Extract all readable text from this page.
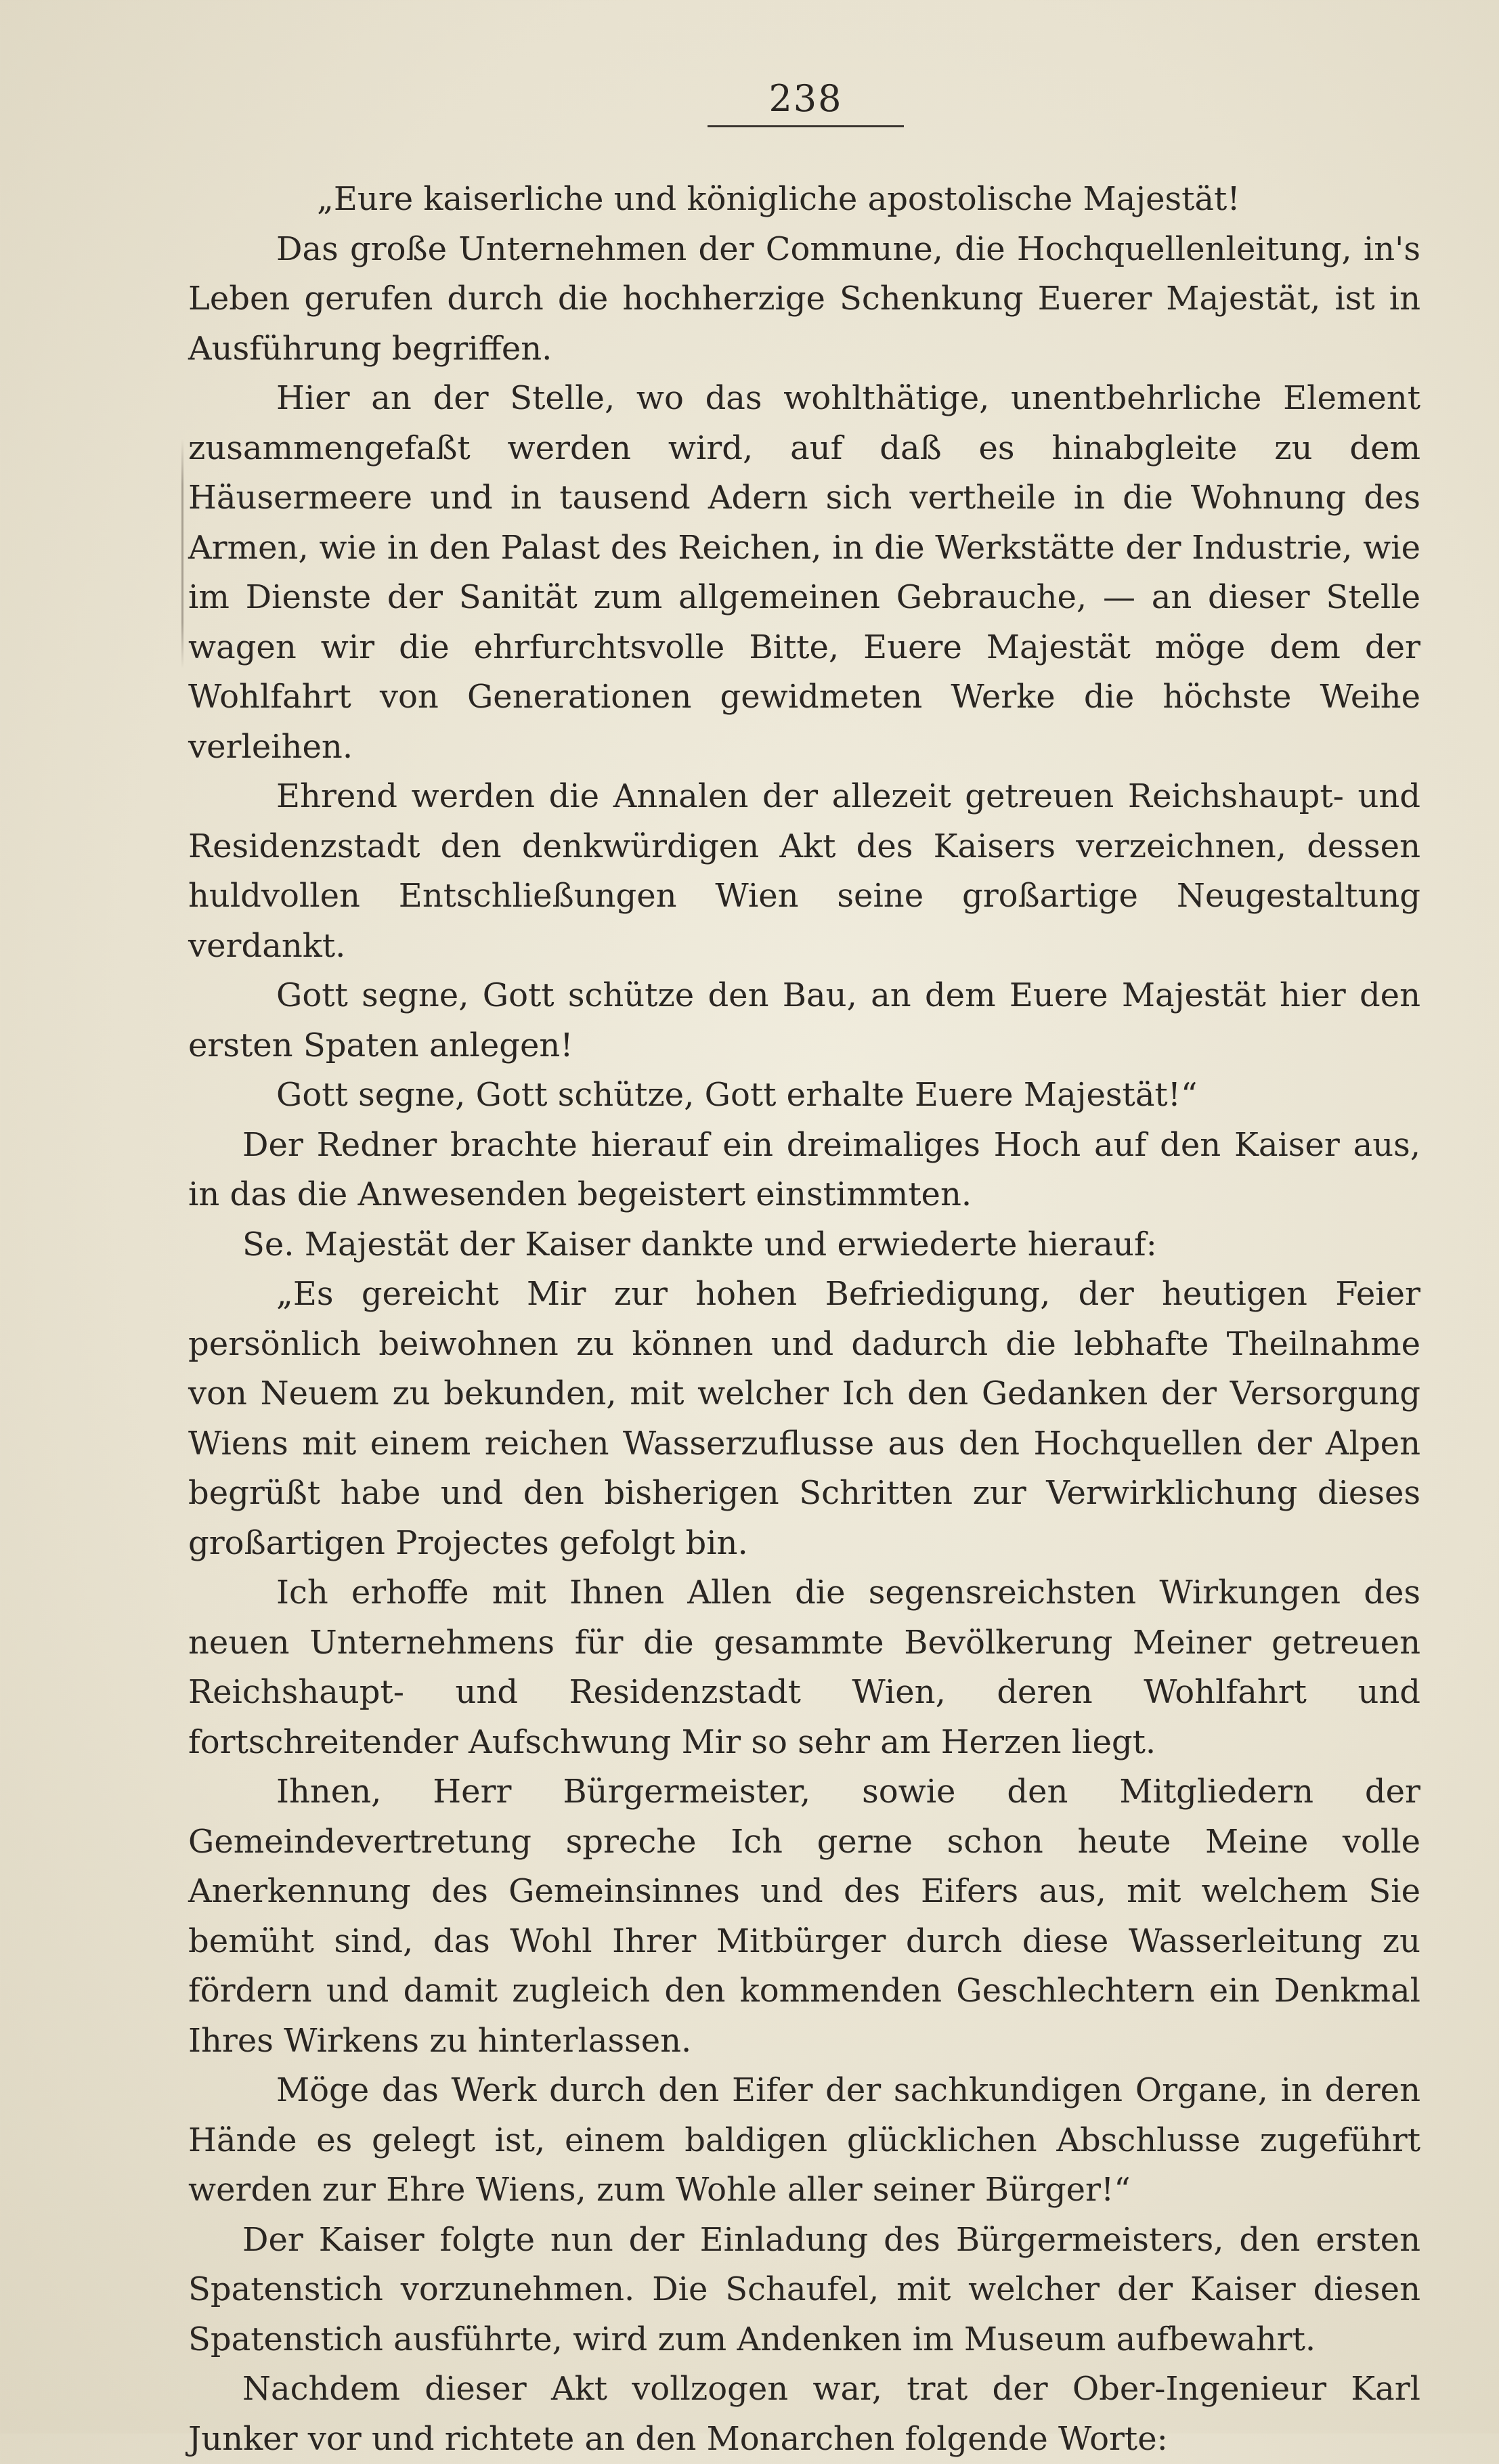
238

„Eure kaiserliche und königliche apostolische Majestät!

Das große Unternehmen der Commune, die Hochquellenleitung, in's Leben gerufen durch die hochherzige Schenkung Euerer Majestät, ist in Ausführung begriffen.

Hier an der Stelle, wo das wohlthätige, unentbehrliche Element zusammengefaßt werden wird, auf daß es hinabgleite zu dem Häusermeere und in tausend Adern sich vertheile in die Wohnung des Armen, wie in den Palast des Reichen, in die Werkstätte der Industrie, wie im Dienste der Sanität zum allgemeinen Gebrauche, — an dieser Stelle wagen wir die ehrfurchtsvolle Bitte, Euere Majestät möge dem der Wohlfahrt von Generationen gewidmeten Werke die höchste Weihe verleihen.

Ehrend werden die Annalen der allezeit getreuen Reichshaupt- und Residenzstadt den denkwürdigen Akt des Kaisers verzeichnen, dessen huldvollen Entschließungen Wien seine großartige Neugestaltung verdankt.

Gott segne, Gott schütze den Bau, an dem Euere Majestät hier den ersten Spaten anlegen!

Gott segne, Gott schütze, Gott erhalte Euere Majestät!“

Der Redner brachte hierauf ein dreimaliges Hoch auf den Kaiser aus, in das die Anwesenden begeistert einstimmten.

Se. Majestät der Kaiser dankte und erwiederte hierauf:

„Es gereicht Mir zur hohen Befriedigung, der heutigen Feier persönlich beiwohnen zu können und dadurch die lebhafte Theilnahme von Neuem zu bekunden, mit welcher Ich den Gedanken der Versorgung Wiens mit einem reichen Wasserzuflusse aus den Hochquellen der Alpen begrüßt habe und den bisherigen Schritten zur Verwirklichung dieses großartigen Projectes gefolgt bin.

Ich erhoffe mit Ihnen Allen die segensreichsten Wirkungen des neuen Unternehmens für die gesammte Bevölkerung Meiner getreuen Reichshaupt- und Residenzstadt Wien, deren Wohlfahrt und fortschreitender Aufschwung Mir so sehr am Herzen liegt.

Ihnen, Herr Bürgermeister, sowie den Mitgliedern der Gemeindevertretung spreche Ich gerne schon heute Meine volle Anerkennung des Gemeinsinnes und des Eifers aus, mit welchem Sie bemüht sind, das Wohl Ihrer Mitbürger durch diese Wasserleitung zu fördern und damit zugleich den kommenden Geschlechtern ein Denkmal Ihres Wirkens zu hinterlassen.

Möge das Werk durch den Eifer der sachkundigen Organe, in deren Hände es gelegt ist, einem baldigen glücklichen Abschlusse zugeführt werden zur Ehre Wiens, zum Wohle aller seiner Bürger!“

Der Kaiser folgte nun der Einladung des Bürgermeisters, den ersten Spatenstich vorzunehmen. Die Schaufel, mit welcher der Kaiser diesen Spatenstich ausführte, wird zum Andenken im Museum aufbewahrt.

Nachdem dieser Akt vollzogen war, trat der Ober-Ingenieur Karl Junker vor und richtete an den Monarchen folgende Worte:
